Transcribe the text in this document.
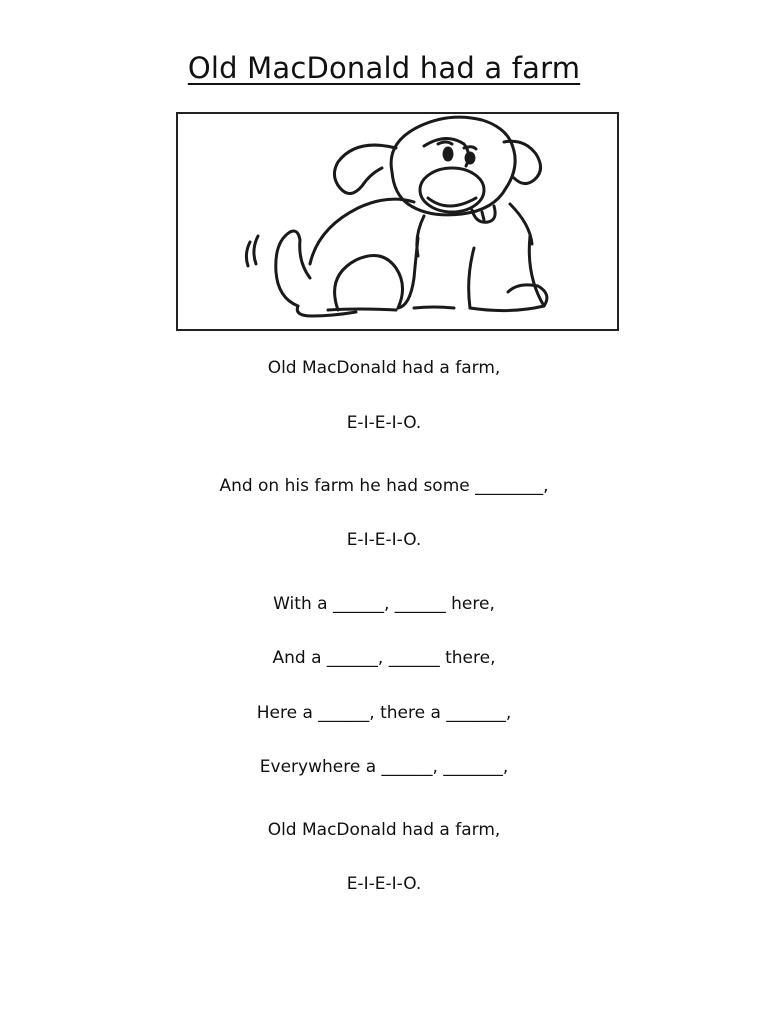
Old MacDonald had a farm
Old MacDonald had a farm,
E-I-E-I-O.
And on his farm he had some ________,
E-I-E-I-O.
With a ______, ______ here,
And a ______, ______ there,
Here a ______, there a _______,
Everywhere a ______, _______,
Old MacDonald had a farm,
E-I-E-I-O.
